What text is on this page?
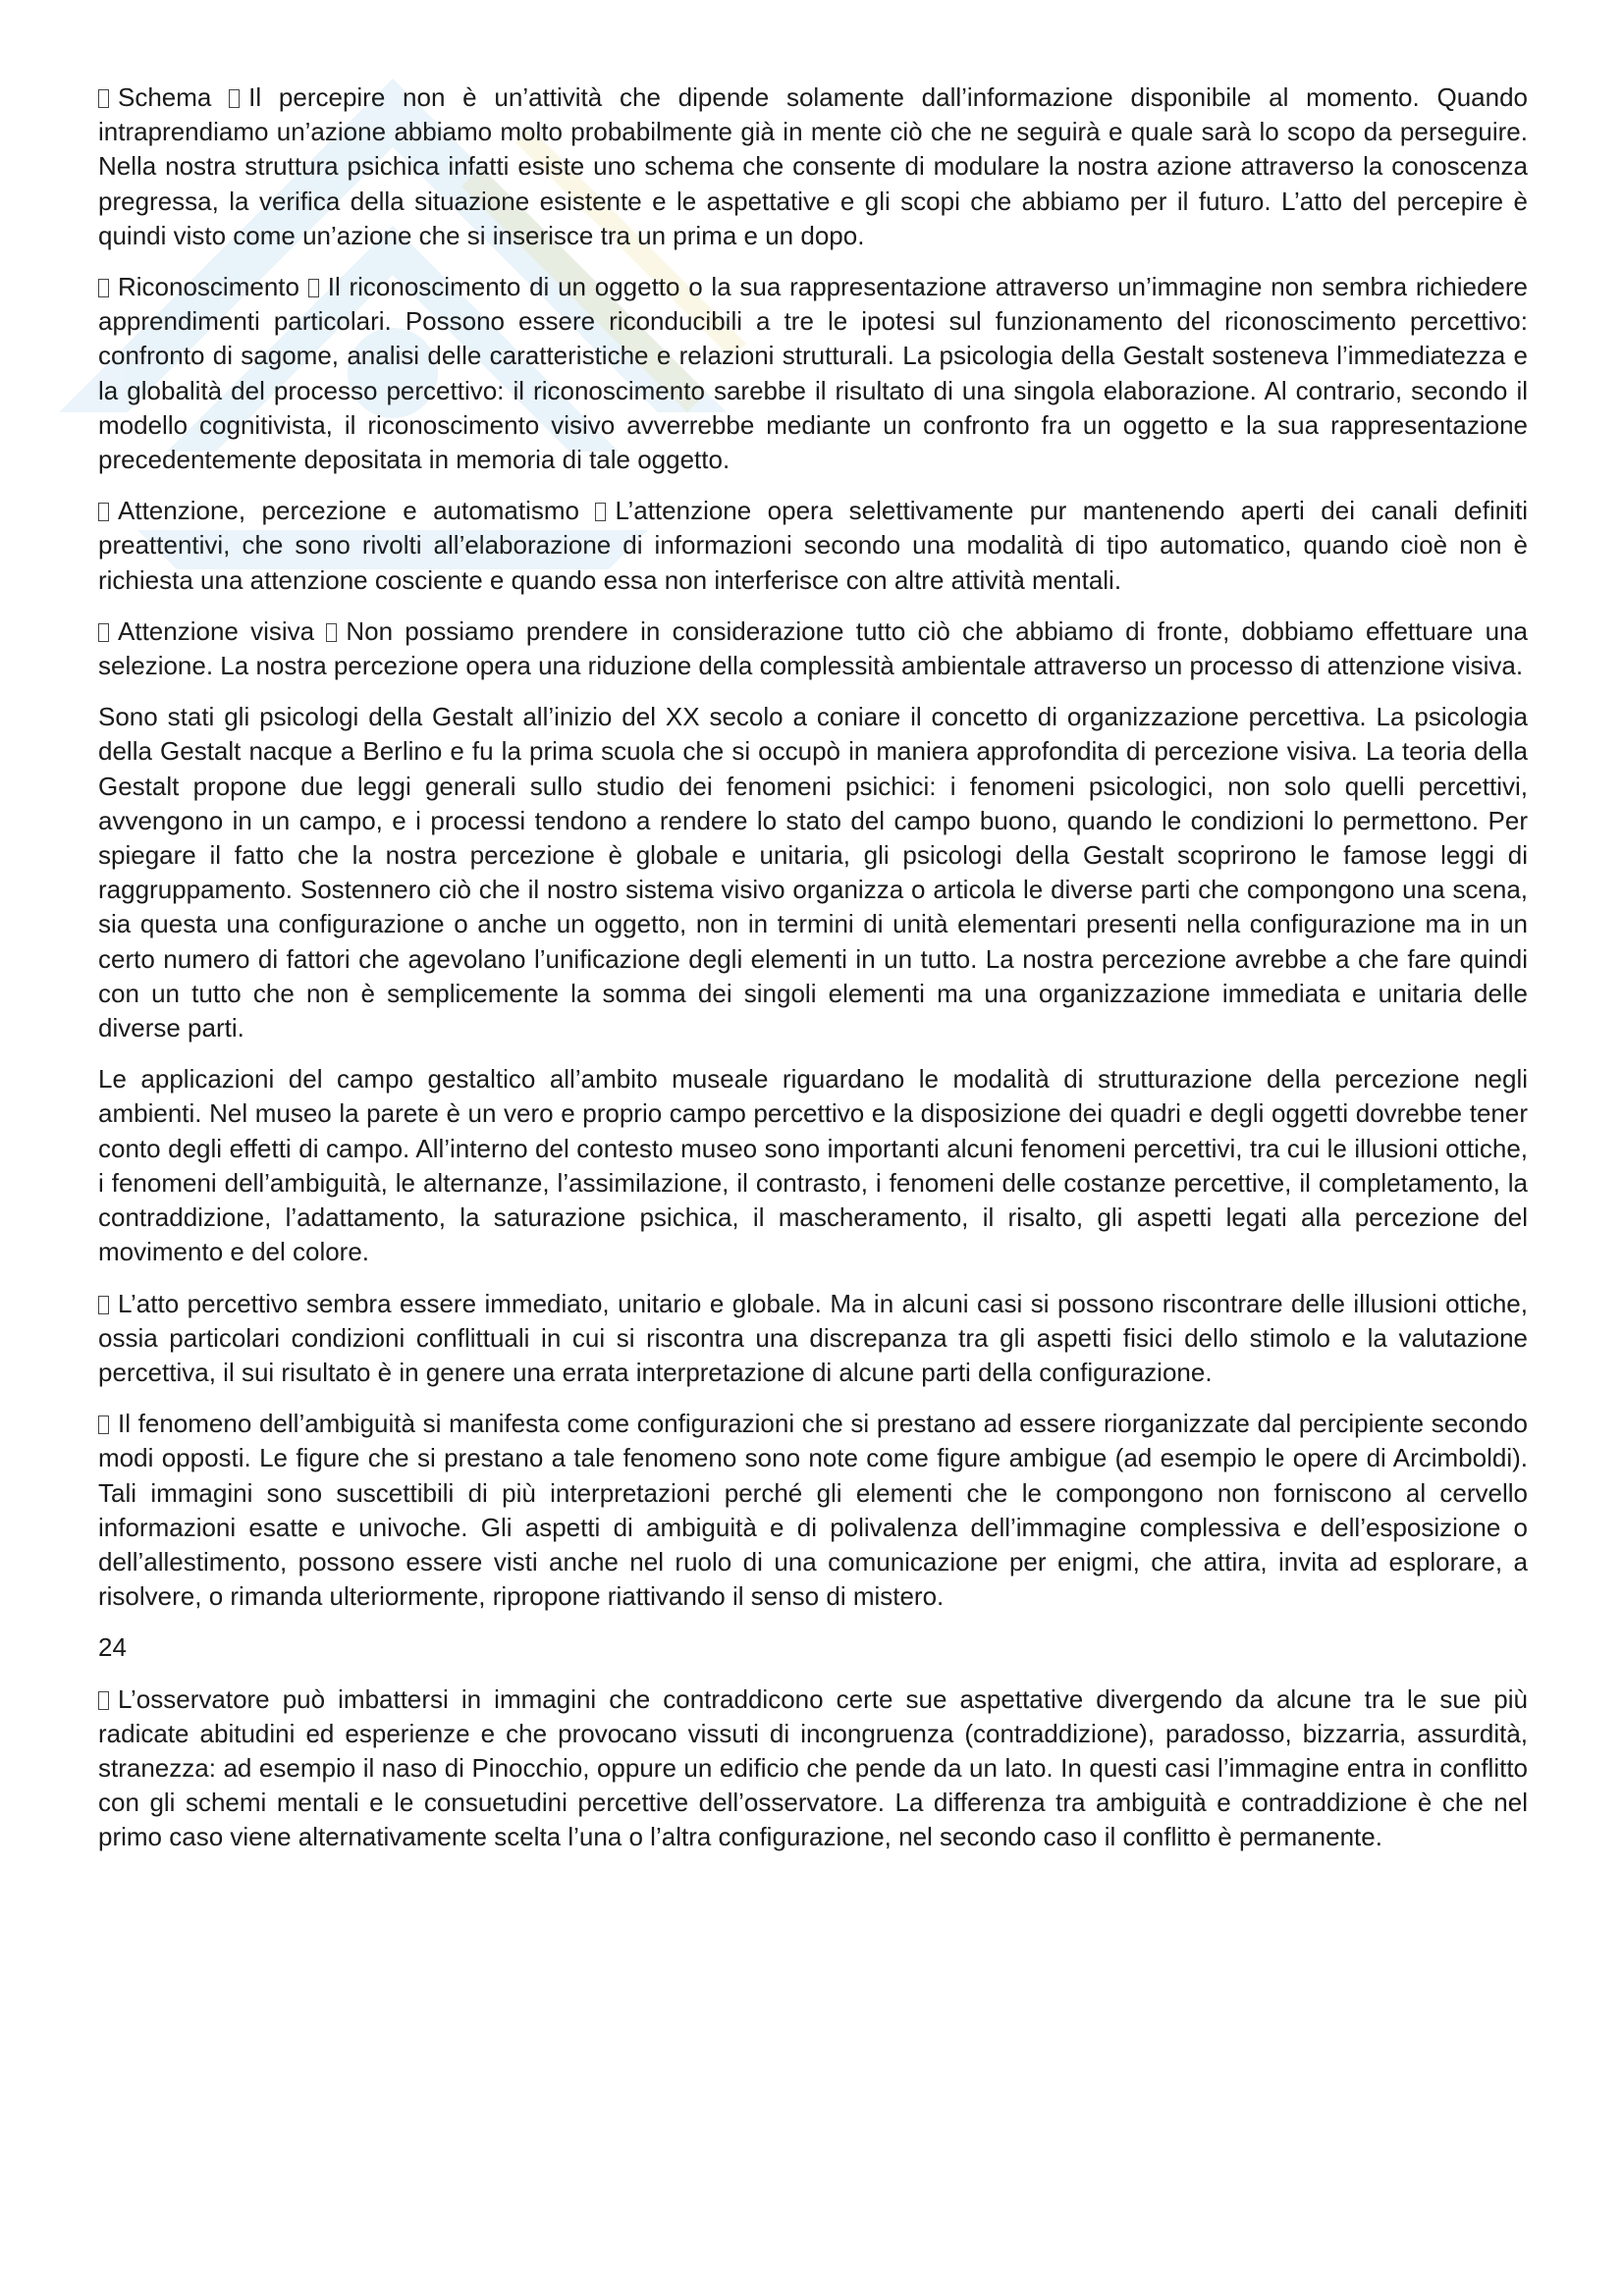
Schema Il percepire non è un’attività che dipende solamente dall’informazione disponibile al momento. Quando intraprendiamo un’azione abbiamo molto probabilmente già in mente ciò che ne seguirà e quale sarà lo scopo da perseguire. Nella nostra struttura psichica infatti esiste uno schema che consente di modulare la nostra azione attraverso la conoscenza pregressa, la verifica della situazione esistente e le aspettative e gli scopi che abbiamo per il futuro. L’atto del percepire è quindi visto come un’azione che si inserisce tra un prima e un dopo.

Riconoscimento Il riconoscimento di un oggetto o la sua rappresentazione attraverso un’immagine non sembra richiedere apprendimenti particolari. Possono essere riconducibili a tre le ipotesi sul funzionamento del riconoscimento percettivo: confronto di sagome, analisi delle caratteristiche e relazioni strutturali. La psicologia della Gestalt sosteneva l’immediatezza e la globalità del processo percettivo: il riconoscimento sarebbe il risultato di una singola elaborazione. Al contrario, secondo il modello cognitivista, il riconoscimento visivo avverrebbe mediante un confronto fra un oggetto e la sua rappresentazione precedentemente depositata in memoria di tale oggetto.

Attenzione, percezione e automatismo L’attenzione opera selettivamente pur mantenendo aperti dei canali definiti preattentivi, che sono rivolti all’elaborazione di informazioni secondo una modalità di tipo automatico, quando cioè non è richiesta una attenzione cosciente e quando essa non interferisce con altre attività mentali.

Attenzione visiva Non possiamo prendere in considerazione tutto ciò che abbiamo di fronte, dobbiamo effettuare una selezione. La nostra percezione opera una riduzione della complessità ambientale attraverso un processo di attenzione visiva.

Sono stati gli psicologi della Gestalt all’inizio del XX secolo a coniare il concetto di organizzazione percettiva. La psicologia della Gestalt nacque a Berlino e fu la prima scuola che si occupò in maniera approfondita di percezione visiva. La teoria della Gestalt propone due leggi generali sullo studio dei fenomeni psichici: i fenomeni psicologici, non solo quelli percettivi, avvengono in un campo, e i processi tendono a rendere lo stato del campo buono, quando le condizioni lo permettono. Per spiegare il fatto che la nostra percezione è globale e unitaria, gli psicologi della Gestalt scoprirono le famose leggi di raggruppamento. Sostennero ciò che il nostro sistema visivo organizza o articola le diverse parti che compongono una scena, sia questa una configurazione o anche un oggetto, non in termini di unità elementari presenti nella configurazione ma in un certo numero di fattori che agevolano l’unificazione degli elementi in un tutto. La nostra percezione avrebbe a che fare quindi con un tutto che non è semplicemente la somma dei singoli elementi ma una organizzazione immediata e unitaria delle diverse parti.

Le applicazioni del campo gestaltico all’ambito museale riguardano le modalità di strutturazione della percezione negli ambienti. Nel museo la parete è un vero e proprio campo percettivo e la disposizione dei quadri e degli oggetti dovrebbe tener conto degli effetti di campo. All’interno del contesto museo sono importanti alcuni fenomeni percettivi, tra cui le illusioni ottiche, i fenomeni dell’ambiguità, le alternanze, l’assimilazione, il contrasto, i fenomeni delle costanze percettive, il completamento, la contraddizione, l’adattamento, la saturazione psichica, il mascheramento, il risalto, gli aspetti legati alla percezione del movimento e del colore.

L’atto percettivo sembra essere immediato, unitario e globale. Ma in alcuni casi si possono riscontrare delle illusioni ottiche, ossia particolari condizioni conflittuali in cui si riscontra una discrepanza tra gli aspetti fisici dello stimolo e la valutazione percettiva, il sui risultato è in genere una errata interpretazione di alcune parti della configurazione.

Il fenomeno dell’ambiguità si manifesta come configurazioni che si prestano ad essere riorganizzate dal percipiente secondo modi opposti. Le figure che si prestano a tale fenomeno sono note come figure ambigue (ad esempio le opere di Arcimboldi). Tali immagini sono suscettibili di più interpretazioni perché gli elementi che le compongono non forniscono al cervello informazioni esatte e univoche. Gli aspetti di ambiguità e di polivalenza dell’immagine complessiva e dell’esposizione o dell’allestimento, possono essere visti anche nel ruolo di una comunicazione per enigmi, che attira, invita ad esplorare, a risolvere, o rimanda ulteriormente, ripropone riattivando il senso di mistero.

24

L’osservatore può imbattersi in immagini che contraddicono certe sue aspettative divergendo da alcune tra le sue più radicate abitudini ed esperienze e che provocano vissuti di incongruenza (contraddizione), paradosso, bizzarria, assurdità, stranezza: ad esempio il naso di Pinocchio, oppure un edificio che pende da un lato. In questi casi l’immagine entra in conflitto con gli schemi mentali e le consuetudini percettive dell’osservatore. La differenza tra ambiguità e contraddizione è che nel primo caso viene alternativamente scelta l’una o l’altra configurazione, nel secondo caso il conflitto è permanente.
